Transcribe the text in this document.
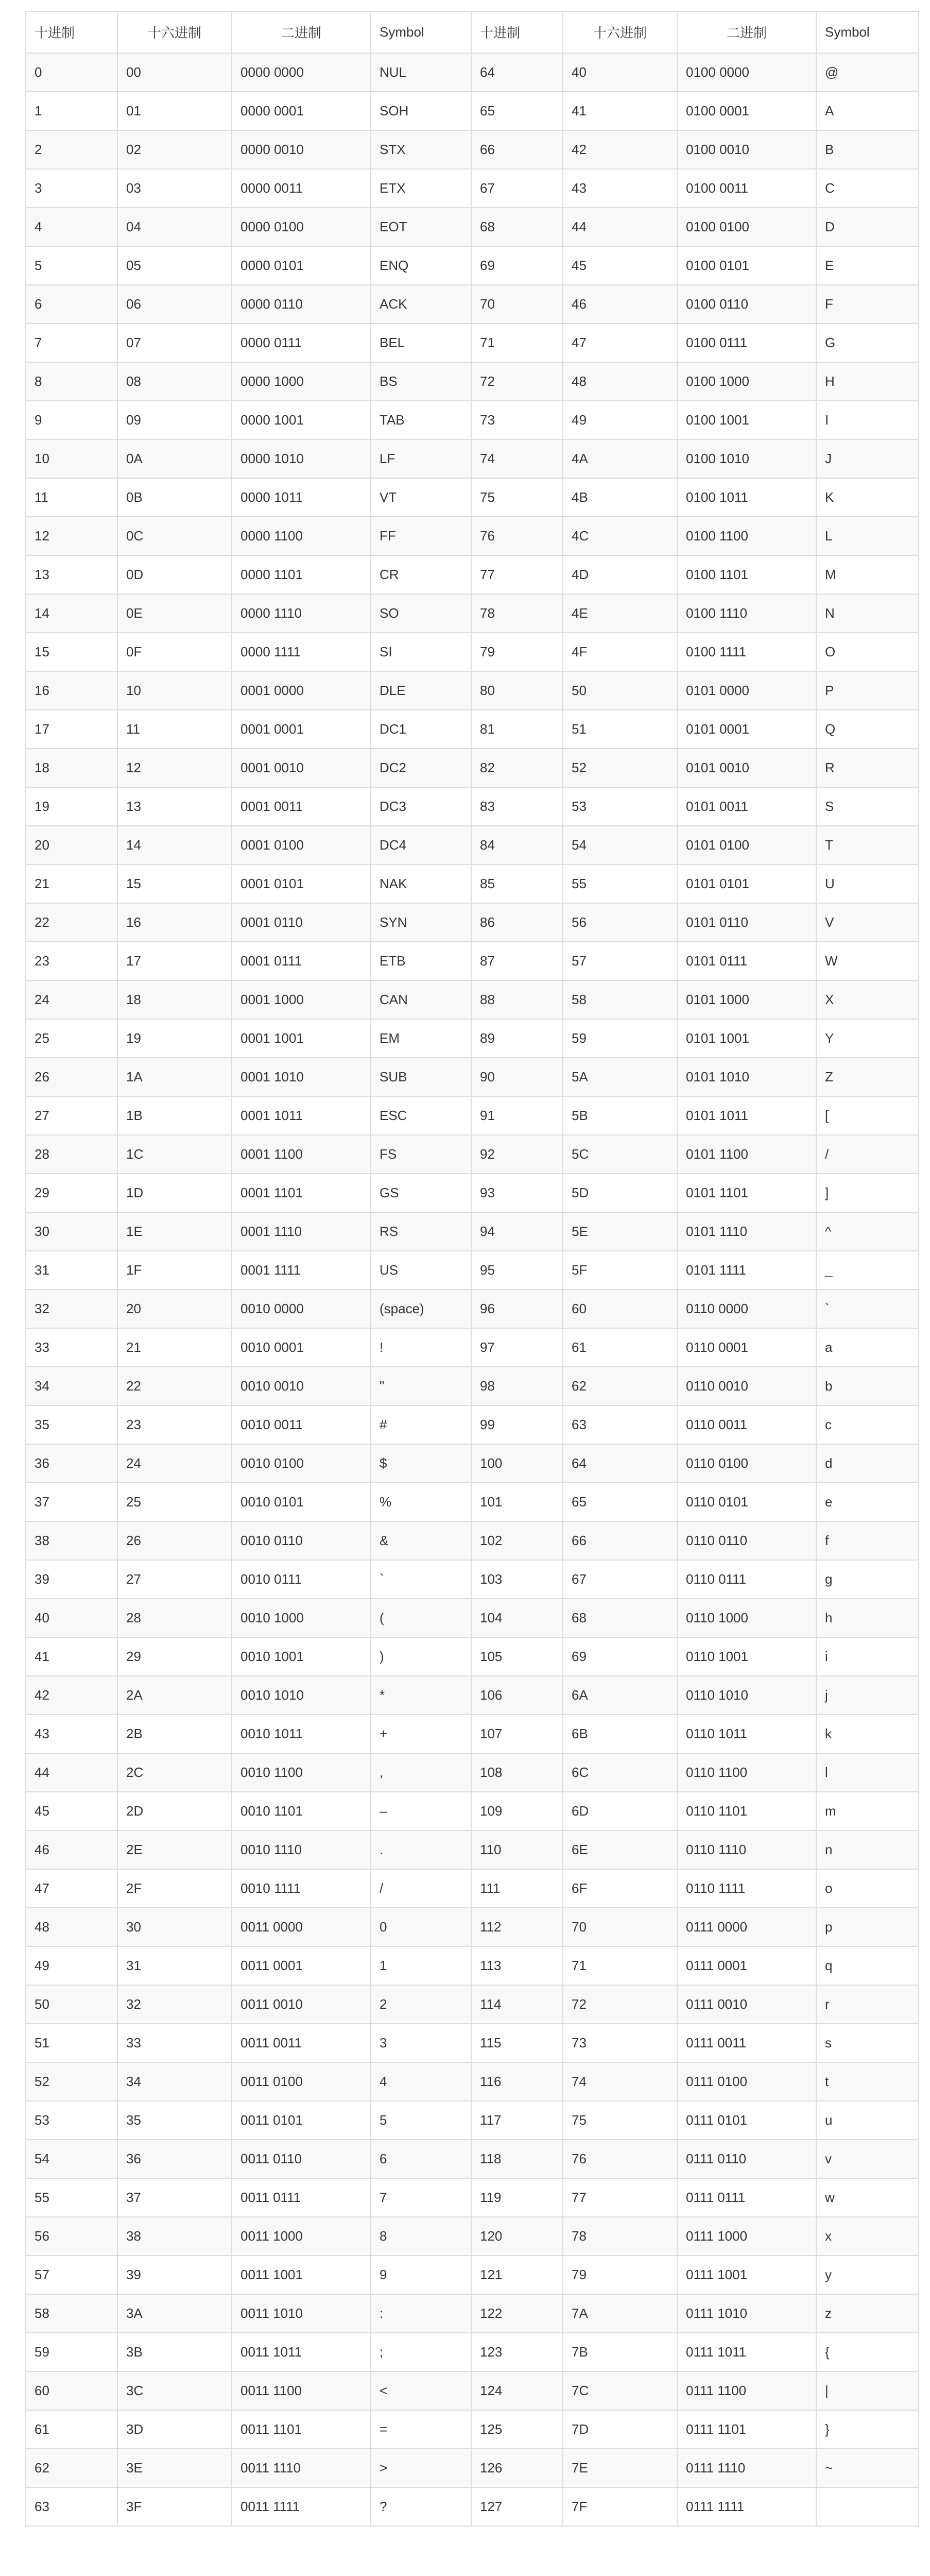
十进制	十六进制	二进制	Symbol	十进制	十六进制	二进制	Symbol
0	00	0000 0000	NUL	64	40	0100 0000	@
1	01	0000 0001	SOH	65	41	0100 0001	A
2	02	0000 0010	STX	66	42	0100 0010	B
3	03	0000 0011	ETX	67	43	0100 0011	C
4	04	0000 0100	EOT	68	44	0100 0100	D
5	05	0000 0101	ENQ	69	45	0100 0101	E
6	06	0000 0110	ACK	70	46	0100 0110	F
7	07	0000 0111	BEL	71	47	0100 0111	G
8	08	0000 1000	BS	72	48	0100 1000	H
9	09	0000 1001	TAB	73	49	0100 1001	I
10	0A	0000 1010	LF	74	4A	0100 1010	J
11	0B	0000 1011	VT	75	4B	0100 1011	K
12	0C	0000 1100	FF	76	4C	0100 1100	L
13	0D	0000 1101	CR	77	4D	0100 1101	M
14	0E	0000 1110	SO	78	4E	0100 1110	N
15	0F	0000 1111	SI	79	4F	0100 1111	O
16	10	0001 0000	DLE	80	50	0101 0000	P
17	11	0001 0001	DC1	81	51	0101 0001	Q
18	12	0001 0010	DC2	82	52	0101 0010	R
19	13	0001 0011	DC3	83	53	0101 0011	S
20	14	0001 0100	DC4	84	54	0101 0100	T
21	15	0001 0101	NAK	85	55	0101 0101	U
22	16	0001 0110	SYN	86	56	0101 0110	V
23	17	0001 0111	ETB	87	57	0101 0111	W
24	18	0001 1000	CAN	88	58	0101 1000	X
25	19	0001 1001	EM	89	59	0101 1001	Y
26	1A	0001 1010	SUB	90	5A	0101 1010	Z
27	1B	0001 1011	ESC	91	5B	0101 1011	[
28	1C	0001 1100	FS	92	5C	0101 1100	/
29	1D	0001 1101	GS	93	5D	0101 1101	]
30	1E	0001 1110	RS	94	5E	0101 1110	^
31	1F	0001 1111	US	95	5F	0101 1111	_
32	20	0010 0000	(space)	96	60	0110 0000	`
33	21	0010 0001	!	97	61	0110 0001	a
34	22	0010 0010	"	98	62	0110 0010	b
35	23	0010 0011	#	99	63	0110 0011	c
36	24	0010 0100	$	100	64	0110 0100	d
37	25	0010 0101	%	101	65	0110 0101	e
38	26	0010 0110	&	102	66	0110 0110	f
39	27	0010 0111	`	103	67	0110 0111	g
40	28	0010 1000	(	104	68	0110 1000	h
41	29	0010 1001	)	105	69	0110 1001	i
42	2A	0010 1010	*	106	6A	0110 1010	j
43	2B	0010 1011	+	107	6B	0110 1011	k
44	2C	0010 1100	,	108	6C	0110 1100	l
45	2D	0010 1101	–	109	6D	0110 1101	m
46	2E	0010 1110	.	110	6E	0110 1110	n
47	2F	0010 1111	/	111	6F	0110 1111	o
48	30	0011 0000	0	112	70	0111 0000	p
49	31	0011 0001	1	113	71	0111 0001	q
50	32	0011 0010	2	114	72	0111 0010	r
51	33	0011 0011	3	115	73	0111 0011	s
52	34	0011 0100	4	116	74	0111 0100	t
53	35	0011 0101	5	117	75	0111 0101	u
54	36	0011 0110	6	118	76	0111 0110	v
55	37	0011 0111	7	119	77	0111 0111	w
56	38	0011 1000	8	120	78	0111 1000	x
57	39	0011 1001	9	121	79	0111 1001	y
58	3A	0011 1010	:	122	7A	0111 1010	z
59	3B	0011 1011	;	123	7B	0111 1011	{
60	3C	0011 1100	<	124	7C	0111 1100	|
61	3D	0011 1101	=	125	7D	0111 1101	}
62	3E	0011 1110	>	126	7E	0111 1110	~
63	3F	0011 1111	?	127	7F	0111 1111	
